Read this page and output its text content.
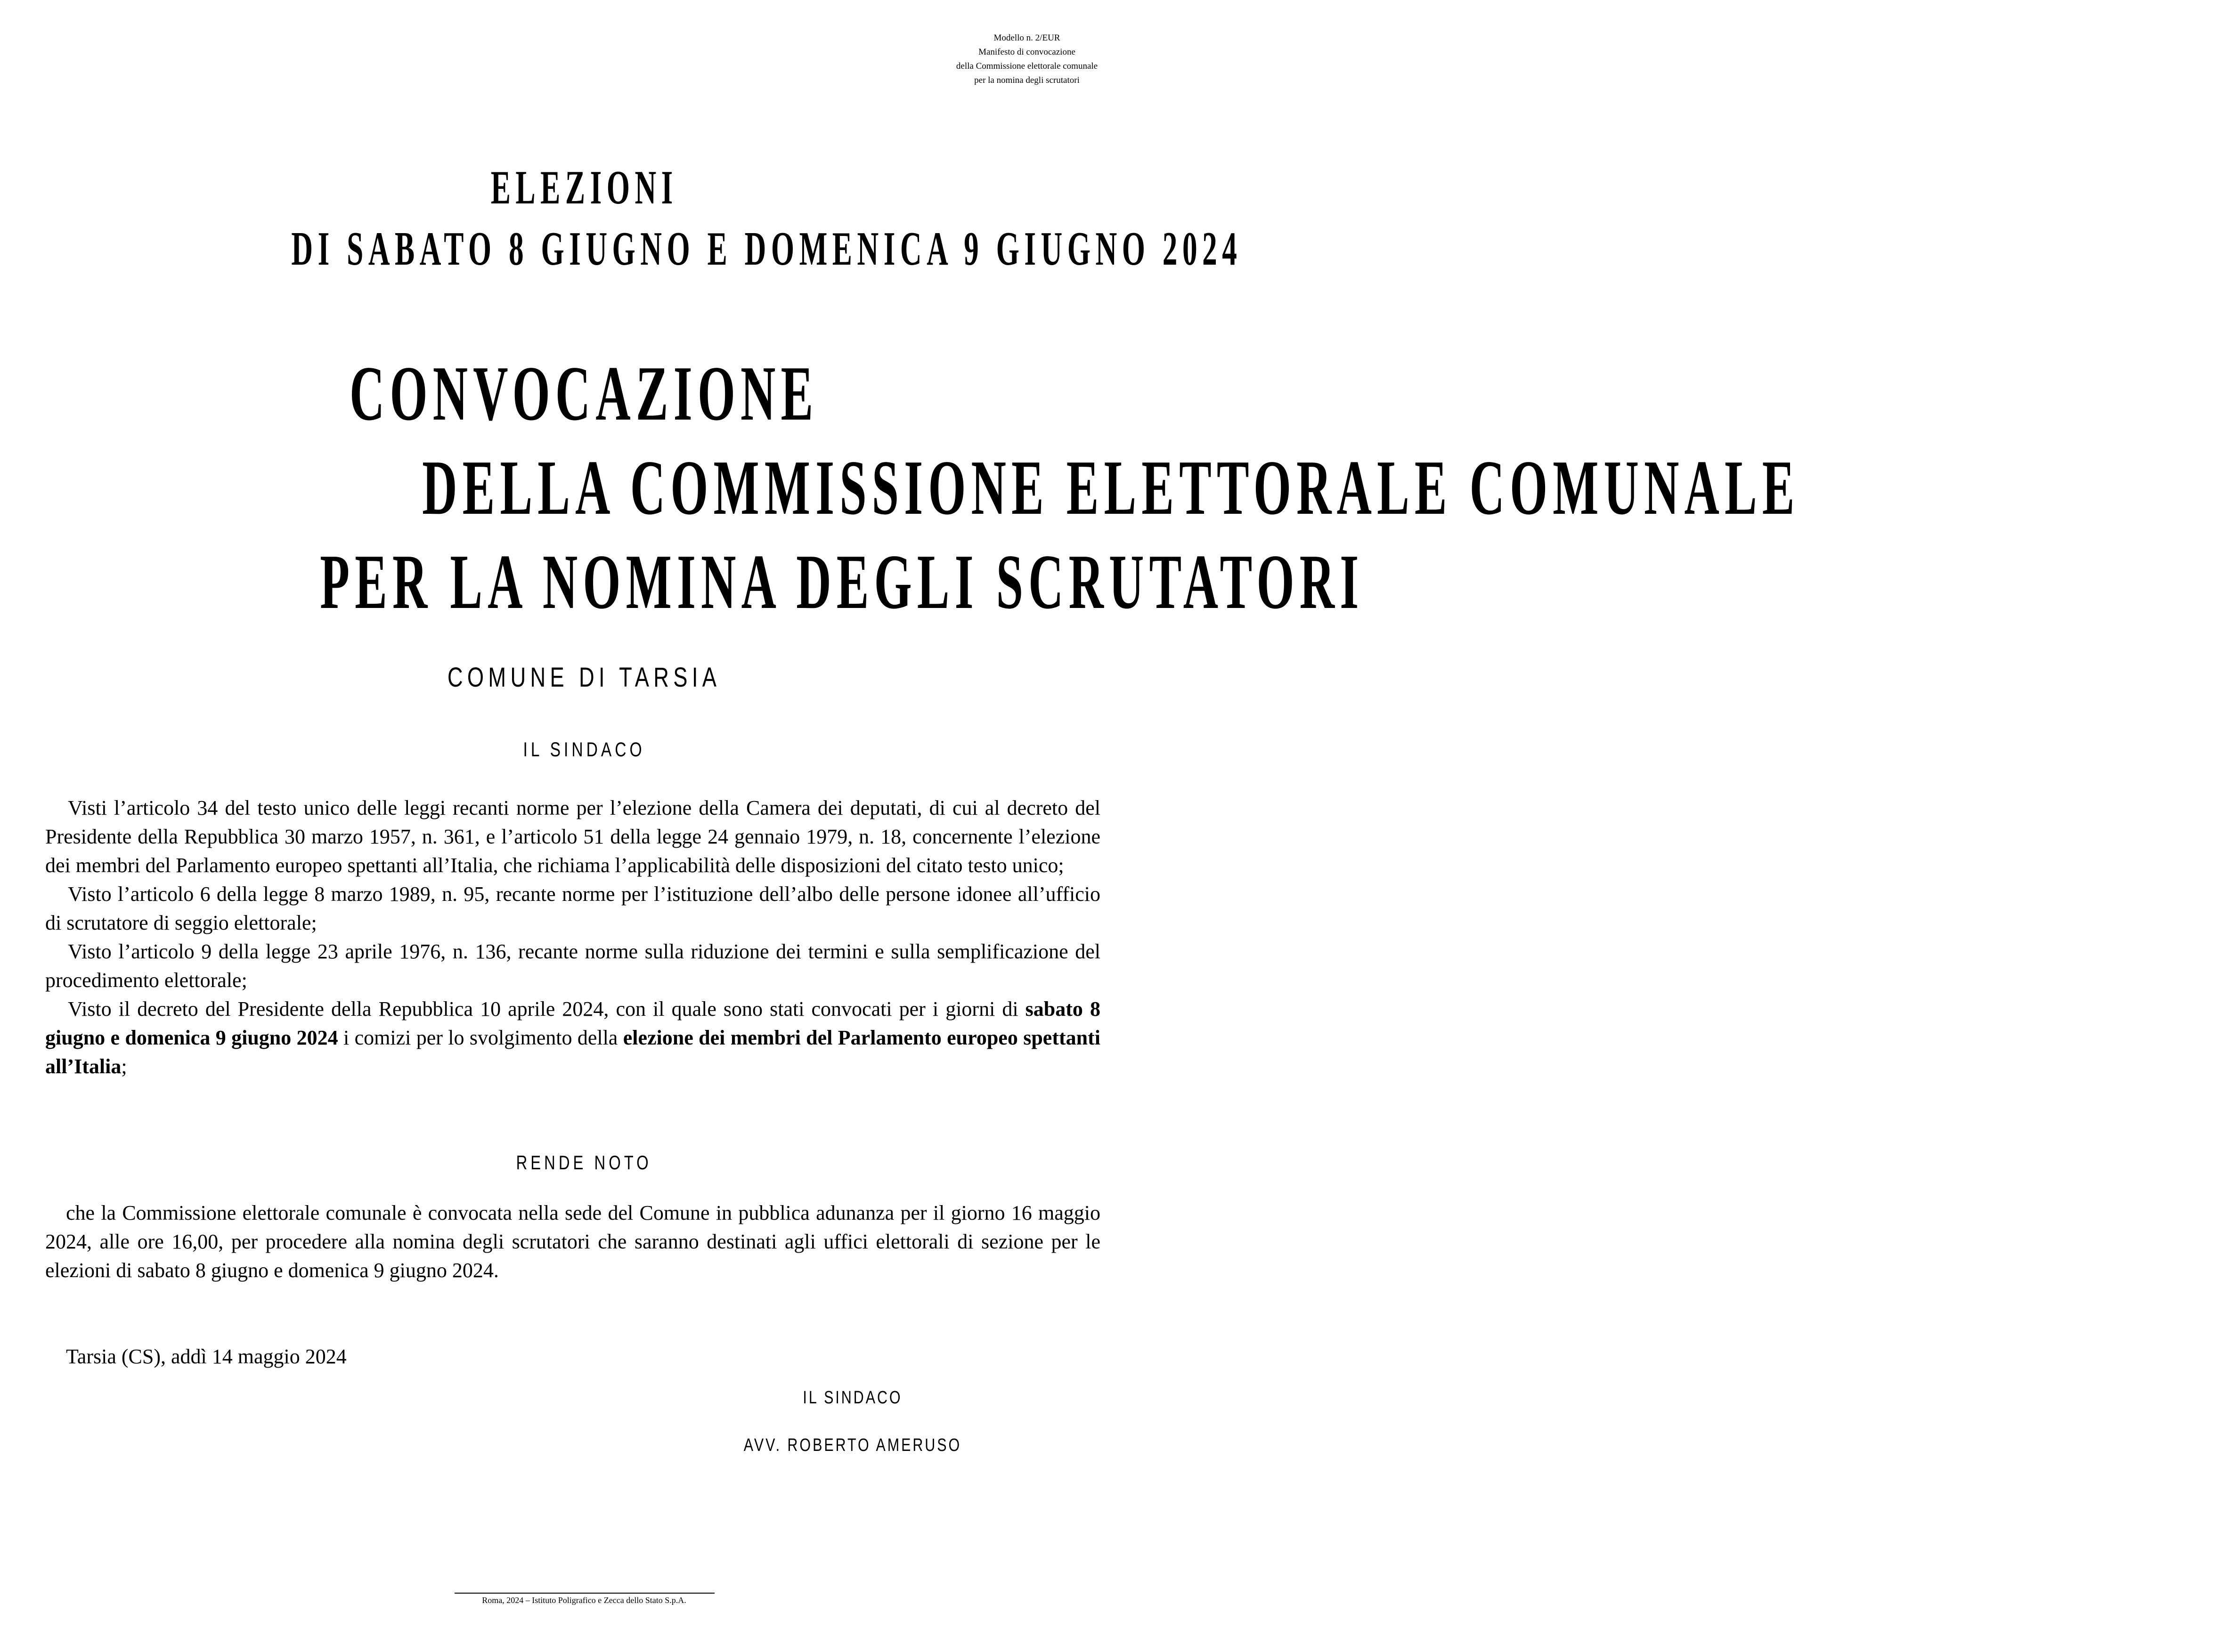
Modello n. 2/EUR
Manifesto di convocazione
della Commissione elettorale comunale
per la nomina degli scrutatori
ELEZIONI
DI SABATO 8 GIUGNO E DOMENICA 9 GIUGNO 2024
CONVOCAZIONE
DELLA COMMISSIONE ELETTORALE COMUNALE
PER LA NOMINA DEGLI SCRUTATORI
COMUNE DI TARSIA
IL SINDACO

Visti l’articolo 34 del testo unico delle leggi recanti norme per l’elezione della Camera dei deputati, di cui al decreto del Presidente della Repubblica 30 marzo 1957, n. 361, e l’articolo 51 della legge 24 gennaio 1979, n. 18, concernente l’elezione dei membri del Parlamento europeo spettanti all’Italia, che richiama l’applicabilità delle disposizioni del citato testo unico;

Visto l’articolo 6 della legge 8 marzo 1989, n. 95, recante norme per l’istituzione dell’albo delle persone idonee all’ufficio di scrutatore di seggio elettorale;

Visto l’articolo 9 della legge 23 aprile 1976, n. 136, recante norme sulla riduzione dei termini e sulla semplificazione del procedimento elettorale;

Visto il decreto del Presidente della Repubblica 10 aprile 2024, con il quale sono stati convocati per i giorni di sabato 8 giugno e domenica 9 giugno 2024 i comizi per lo svolgimento della elezione dei membri del Parlamento europeo spettanti all’Italia;

RENDE NOTO

che la Commissione elettorale comunale è convocata nella sede del Comune in pubblica adunanza per il giorno 16 maggio 2024, alle ore 16,00, per procedere alla nomina degli scrutatori che saranno destinati agli uffici elettorali di sezione per le elezioni di sabato 8 giugno e domenica 9 giugno 2024.

Tarsia (CS), addì 14 maggio 2024
IL SINDACO
AVV. ROBERTO AMERUSO
Roma, 2024 – Istituto Poligrafico e Zecca dello Stato S.p.A.
